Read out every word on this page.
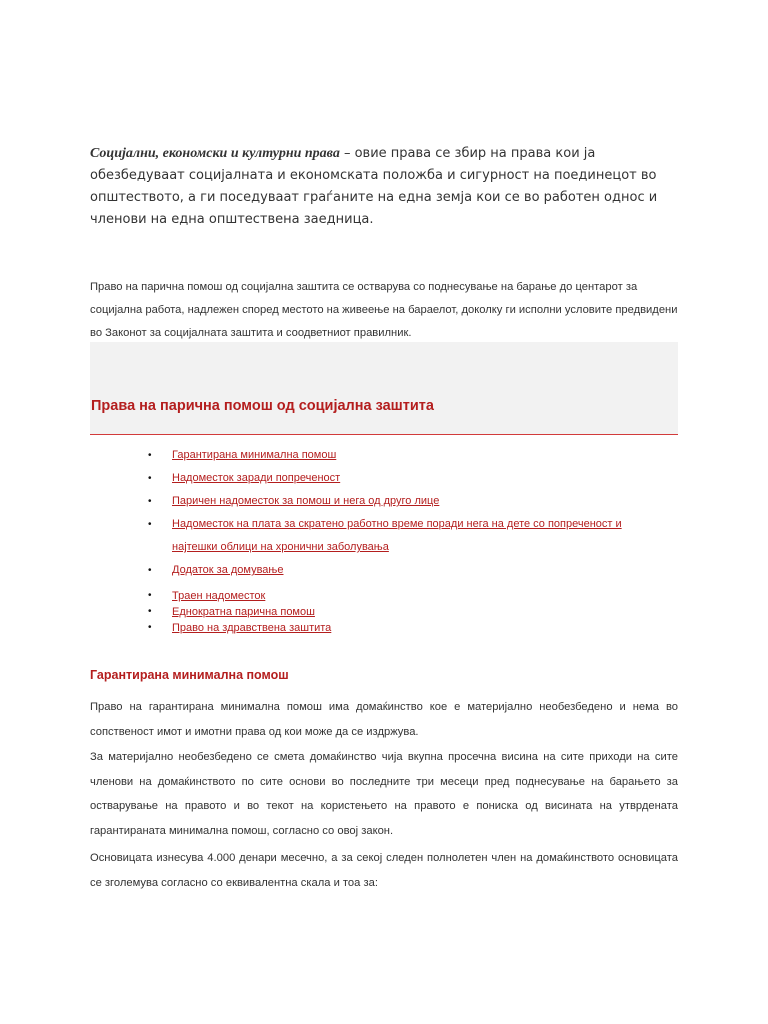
Социјални, економски и културни права – овие права се збир на права кои ја обезбедуваат социјалната и економската положба и сигурност на поединецот во општеството, а ги поседуваат граѓаните на една земја кои се во работен однос и членови на една општествена заедница.

Право на парична помош од социјална заштита се остварува со поднесување на барање до центарот за социјална работа, надлежен според местото на живеење на бараелот, доколку ги исполни условите предвидени во Законот за социјалната заштита и соодветниот правилник.

Права на парична помош од социјална заштита
• Гарантирана минимална помош
• Надоместок заради попреченост
• Паричен надоместок за помош и нега од друго лице
• Надоместок на плата за скратено работно време поради нега на дете со попреченост и најтешки облици на хронични заболувања
• Додаток за домување
• Траен надоместок
• Еднократна парична помош
• Право на здравствена заштита
Гарантирана минимална помош

Право на гарантирана минимална помош има домаќинство кое е материјално необезбедено и нема во сопственост имот и имотни права од кои може да се издржува.

За материјално необезбедено се смета домаќинство чија вкупна просечна висина на сите приходи на сите членови на домаќинството по сите основи во последните три месеци пред поднесување на барањето за остварување на правото и во текот на користењето на правото е пониска од висината на утврдената гарантираната минимална помош, согласно со овој закон.

Основицата изнесува 4.000 денари месечно, а за секој следен полнолетен член на домаќинството основицата се зголемува согласно со еквивалентна скала и тоа за:
